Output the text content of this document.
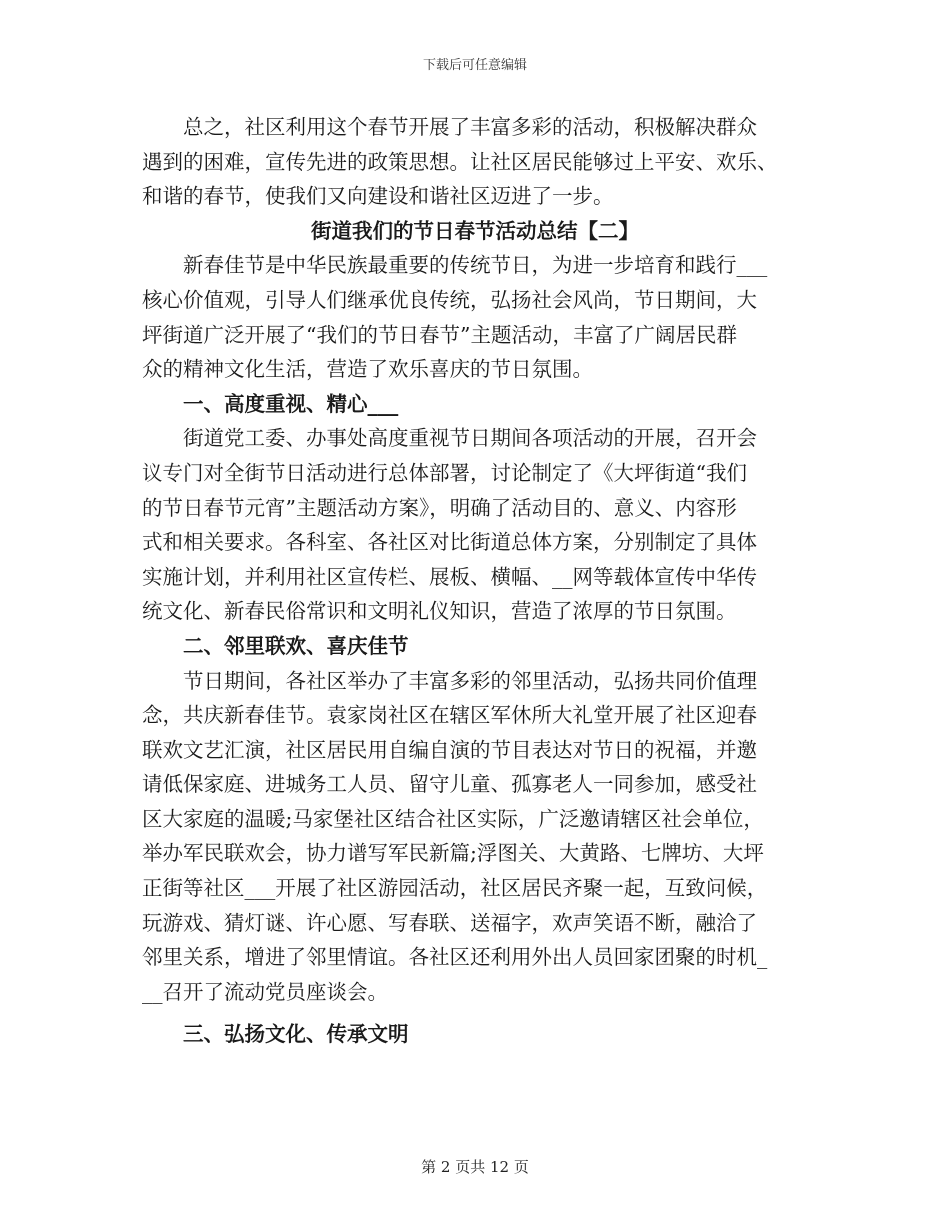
下载后可任意编辑
总之，社区利用这个春节开展了丰富多彩的活动，积极解决群众
遇到的困难，宣传先进的政策思想。让社区居民能够过上平安、欢乐、
和谐的春节，使我们又向建设和谐社区迈进了一步。
街道我们的节日春节活动总结【二】
新春佳节是中华民族最重要的传统节日，为进一步培育和践行___
核心价值观，引导人们继承优良传统，弘扬社会风尚，节日期间，大
坪街道广泛开展了“我们的节日春节”主题活动，丰富了广阔居民群
众的精神文化生活，营造了欢乐喜庆的节日氛围。
一、高度重视、精心___
街道党工委、办事处高度重视节日期间各项活动的开展，召开会
议专门对全街节日活动进行总体部署，讨论制定了《大坪街道“我们
的节日春节元宵”主题活动方案》，明确了活动目的、意义、内容形
式和相关要求。各科室、各社区对比街道总体方案，分别制定了具体
实施计划，并利用社区宣传栏、展板、横幅、__网等载体宣传中华传
统文化、新春民俗常识和文明礼仪知识，营造了浓厚的节日氛围。
二、邻里联欢、喜庆佳节
节日期间，各社区举办了丰富多彩的邻里活动，弘扬共同价值理
念，共庆新春佳节。袁家岗社区在辖区军休所大礼堂开展了社区迎春
联欢文艺汇演，社区居民用自编自演的节目表达对节日的祝福，并邀
请低保家庭、进城务工人员、留守儿童、孤寡老人一同参加，感受社
区大家庭的温暖;马家堡社区结合社区实际，广泛邀请辖区社会单位，
举办军民联欢会，协力谱写军民新篇;浮图关、大黄路、七牌坊、大坪
正街等社区___开展了社区游园活动，社区居民齐聚一起，互致问候，
玩游戏、猜灯谜、许心愿、写春联、送福字，欢声笑语不断，融洽了
邻里关系，增进了邻里情谊。各社区还利用外出人员回家团聚的时机_
__召开了流动党员座谈会。
三、弘扬文化、传承文明
第 2 页共 12 页
